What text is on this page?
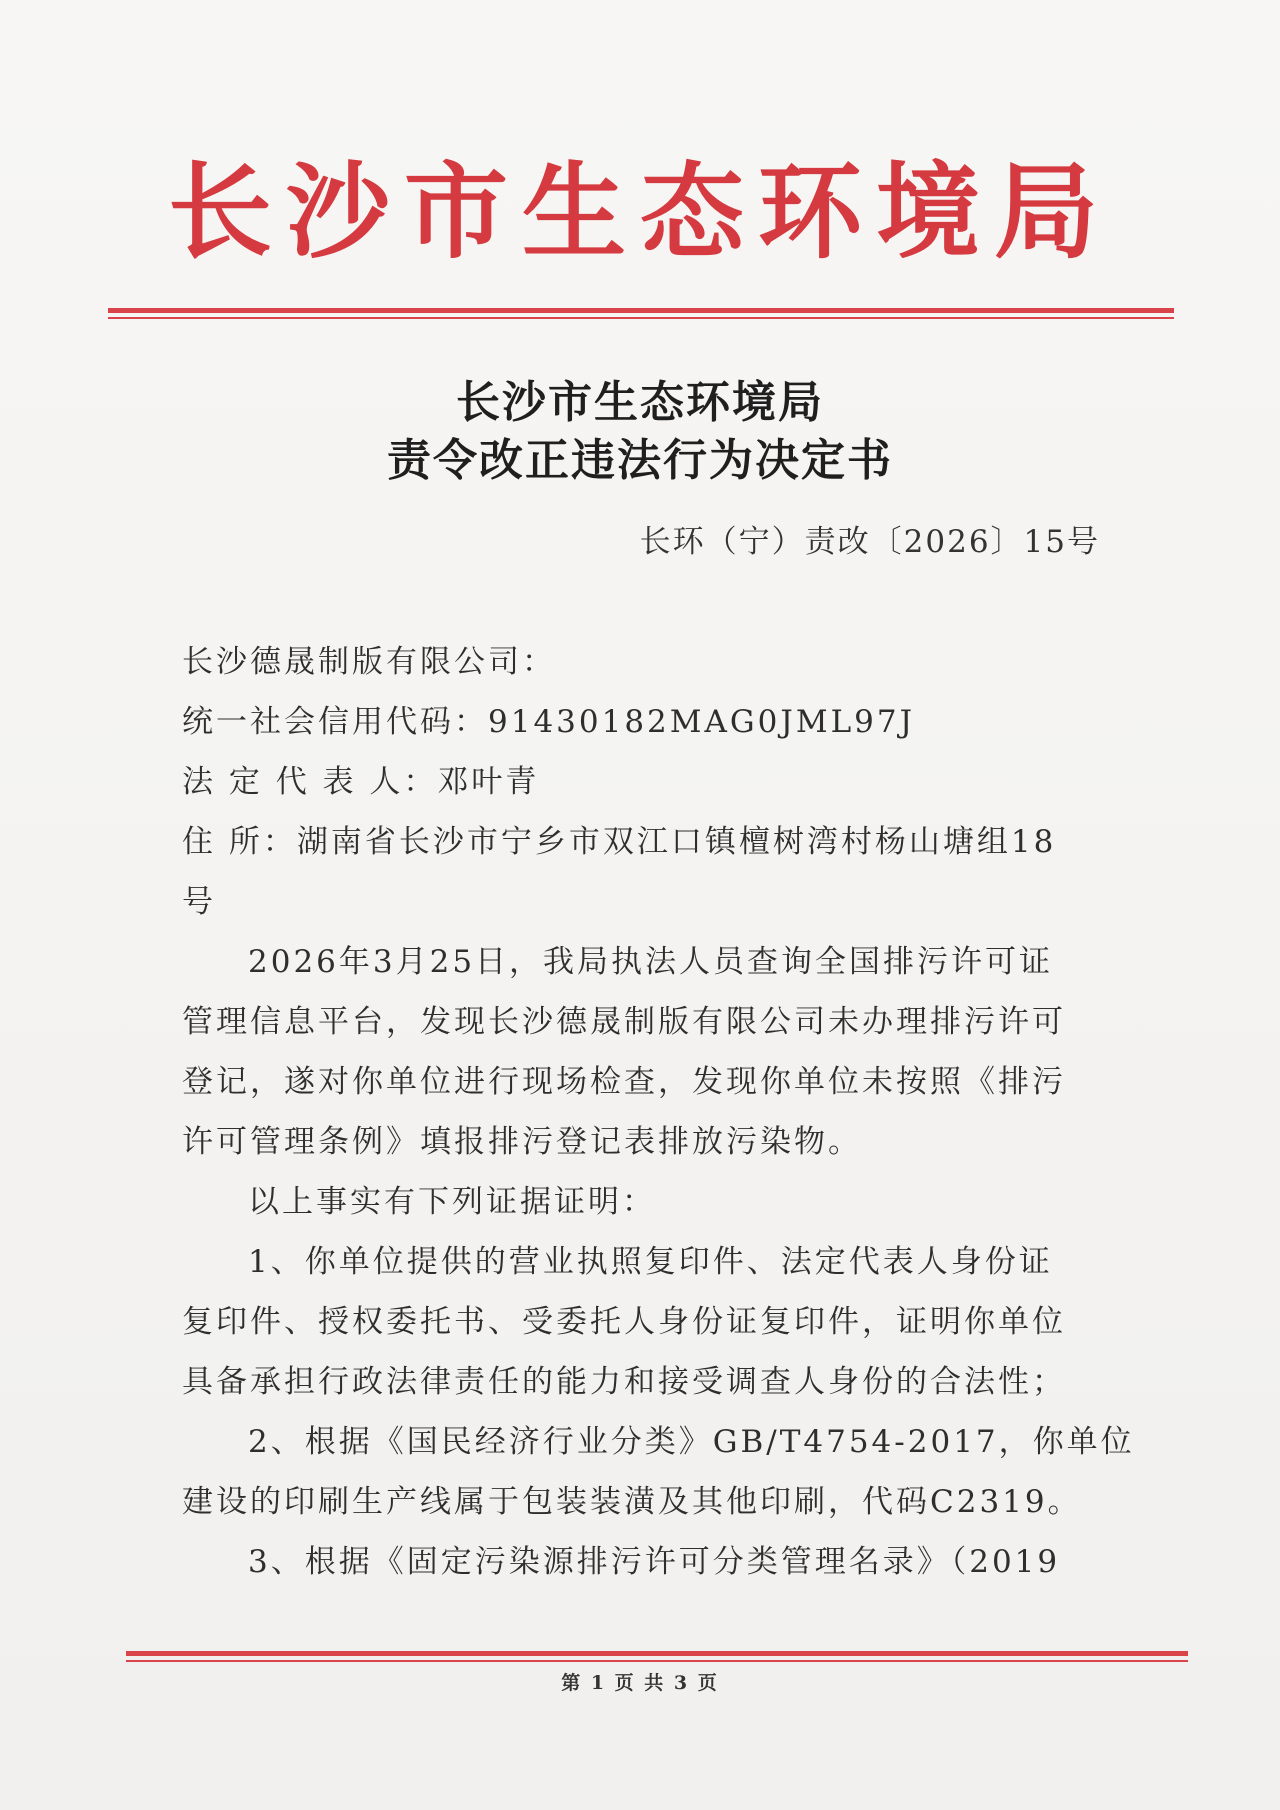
长沙市生态环境局
长沙市生态环境局
责令改正违法行为决定书
长环（宁）责改〔2026〕15号
长沙德晟制版有限公司：
统一社会信用代码：91430182MAG0JML97J
法 定 代 表 人：邓叶青
住 所：湖南省长沙市宁乡市双江口镇檀树湾村杨山塘组18
号
2026年3月25日，我局执法人员查询全国排污许可证
管理信息平台，发现长沙德晟制版有限公司未办理排污许可
登记，遂对你单位进行现场检查，发现你单位未按照《排污
许可管理条例》填报排污登记表排放污染物。
以上事实有下列证据证明：
1、你单位提供的营业执照复印件、法定代表人身份证
复印件、授权委托书、受委托人身份证复印件，证明你单位
具备承担行政法律责任的能力和接受调查人身份的合法性；
2、根据《国民经济行业分类》GB/T4754-2017，你单位
建设的印刷生产线属于包装装潢及其他印刷，代码C2319。
3、根据《固定污染源排污许可分类管理名录》（2019
第 1 页 共 3 页
